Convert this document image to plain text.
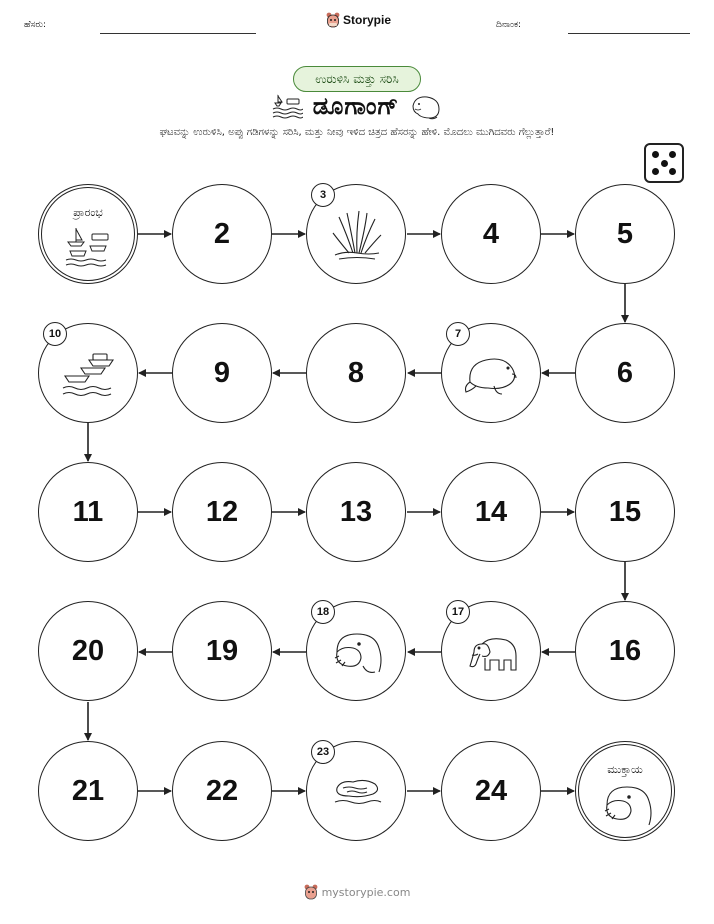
ಹೆಸರು:	Storypie	ದಿನಾಂಕ:
ಉರುಳಿಸಿ ಮತ್ತು ಸರಿಸಿ
ಡೂಗಾಂಗ್
ಘಟವನ್ನು ಉರುಳಿಸಿ, ಅಪ್ಪು ಗಡಿಗಳನ್ನು ಸರಿಸಿ, ಮತ್ತು ನೀವು ಇಳಿದ ಚಿತ್ರದ ಹೆಸರನ್ನು ಹೇಳಿ. ಮೊದಲು ಮುಗಿದವರು ಗೆಲ್ಲುತ್ತಾರೆ!
ಪ್ರಾರಂಭ
2
3
4	5
6
7
8
9
10
11	12	13	14	15
16
17
18
19
20
21	22
23
24
ಮುಕ್ತಾಯ
mystorypie.com
